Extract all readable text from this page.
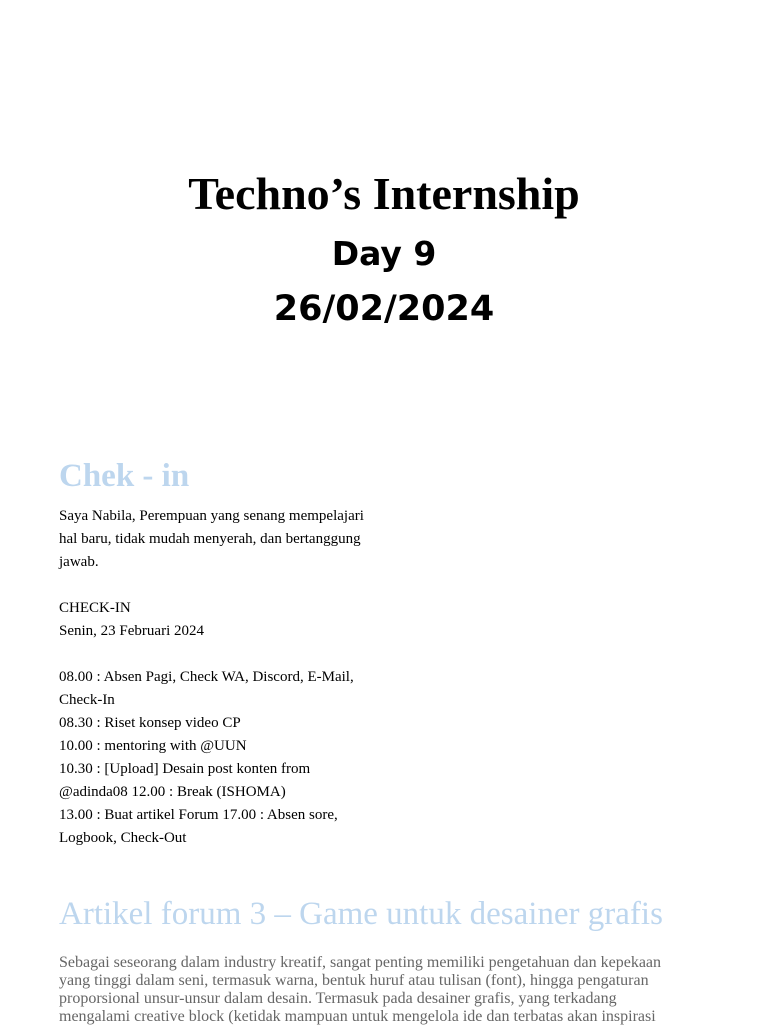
Techno’s Internship
Day 9
26/02/2024
Chek - in
Saya Nabila, Perempuan yang senang mempelajari
hal baru, tidak mudah menyerah, dan bertanggung
jawab.
CHECK-IN
Senin, 23 Februari 2024
08.00 : Absen Pagi, Check WA, Discord, E-Mail,
Check-In
08.30 : Riset konsep video CP
10.00 : mentoring with @UUN
10.30 : [Upload] Desain post konten from
@adinda08 12.00 : Break (ISHOMA)
13.00 : Buat artikel Forum 17.00 : Absen sore,
Logbook, Check-Out
Artikel forum 3 – Game untuk desainer grafis
Sebagai seseorang dalam industry kreatif, sangat penting memiliki pengetahuan dan kepekaan
yang tinggi dalam seni, termasuk warna, bentuk huruf atau tulisan (font), hingga pengaturan
proporsional unsur-unsur dalam desain. Termasuk pada desainer grafis, yang terkadang
mengalami creative block (ketidak mampuan untuk mengelola ide dan terbatas akan inspirasi
